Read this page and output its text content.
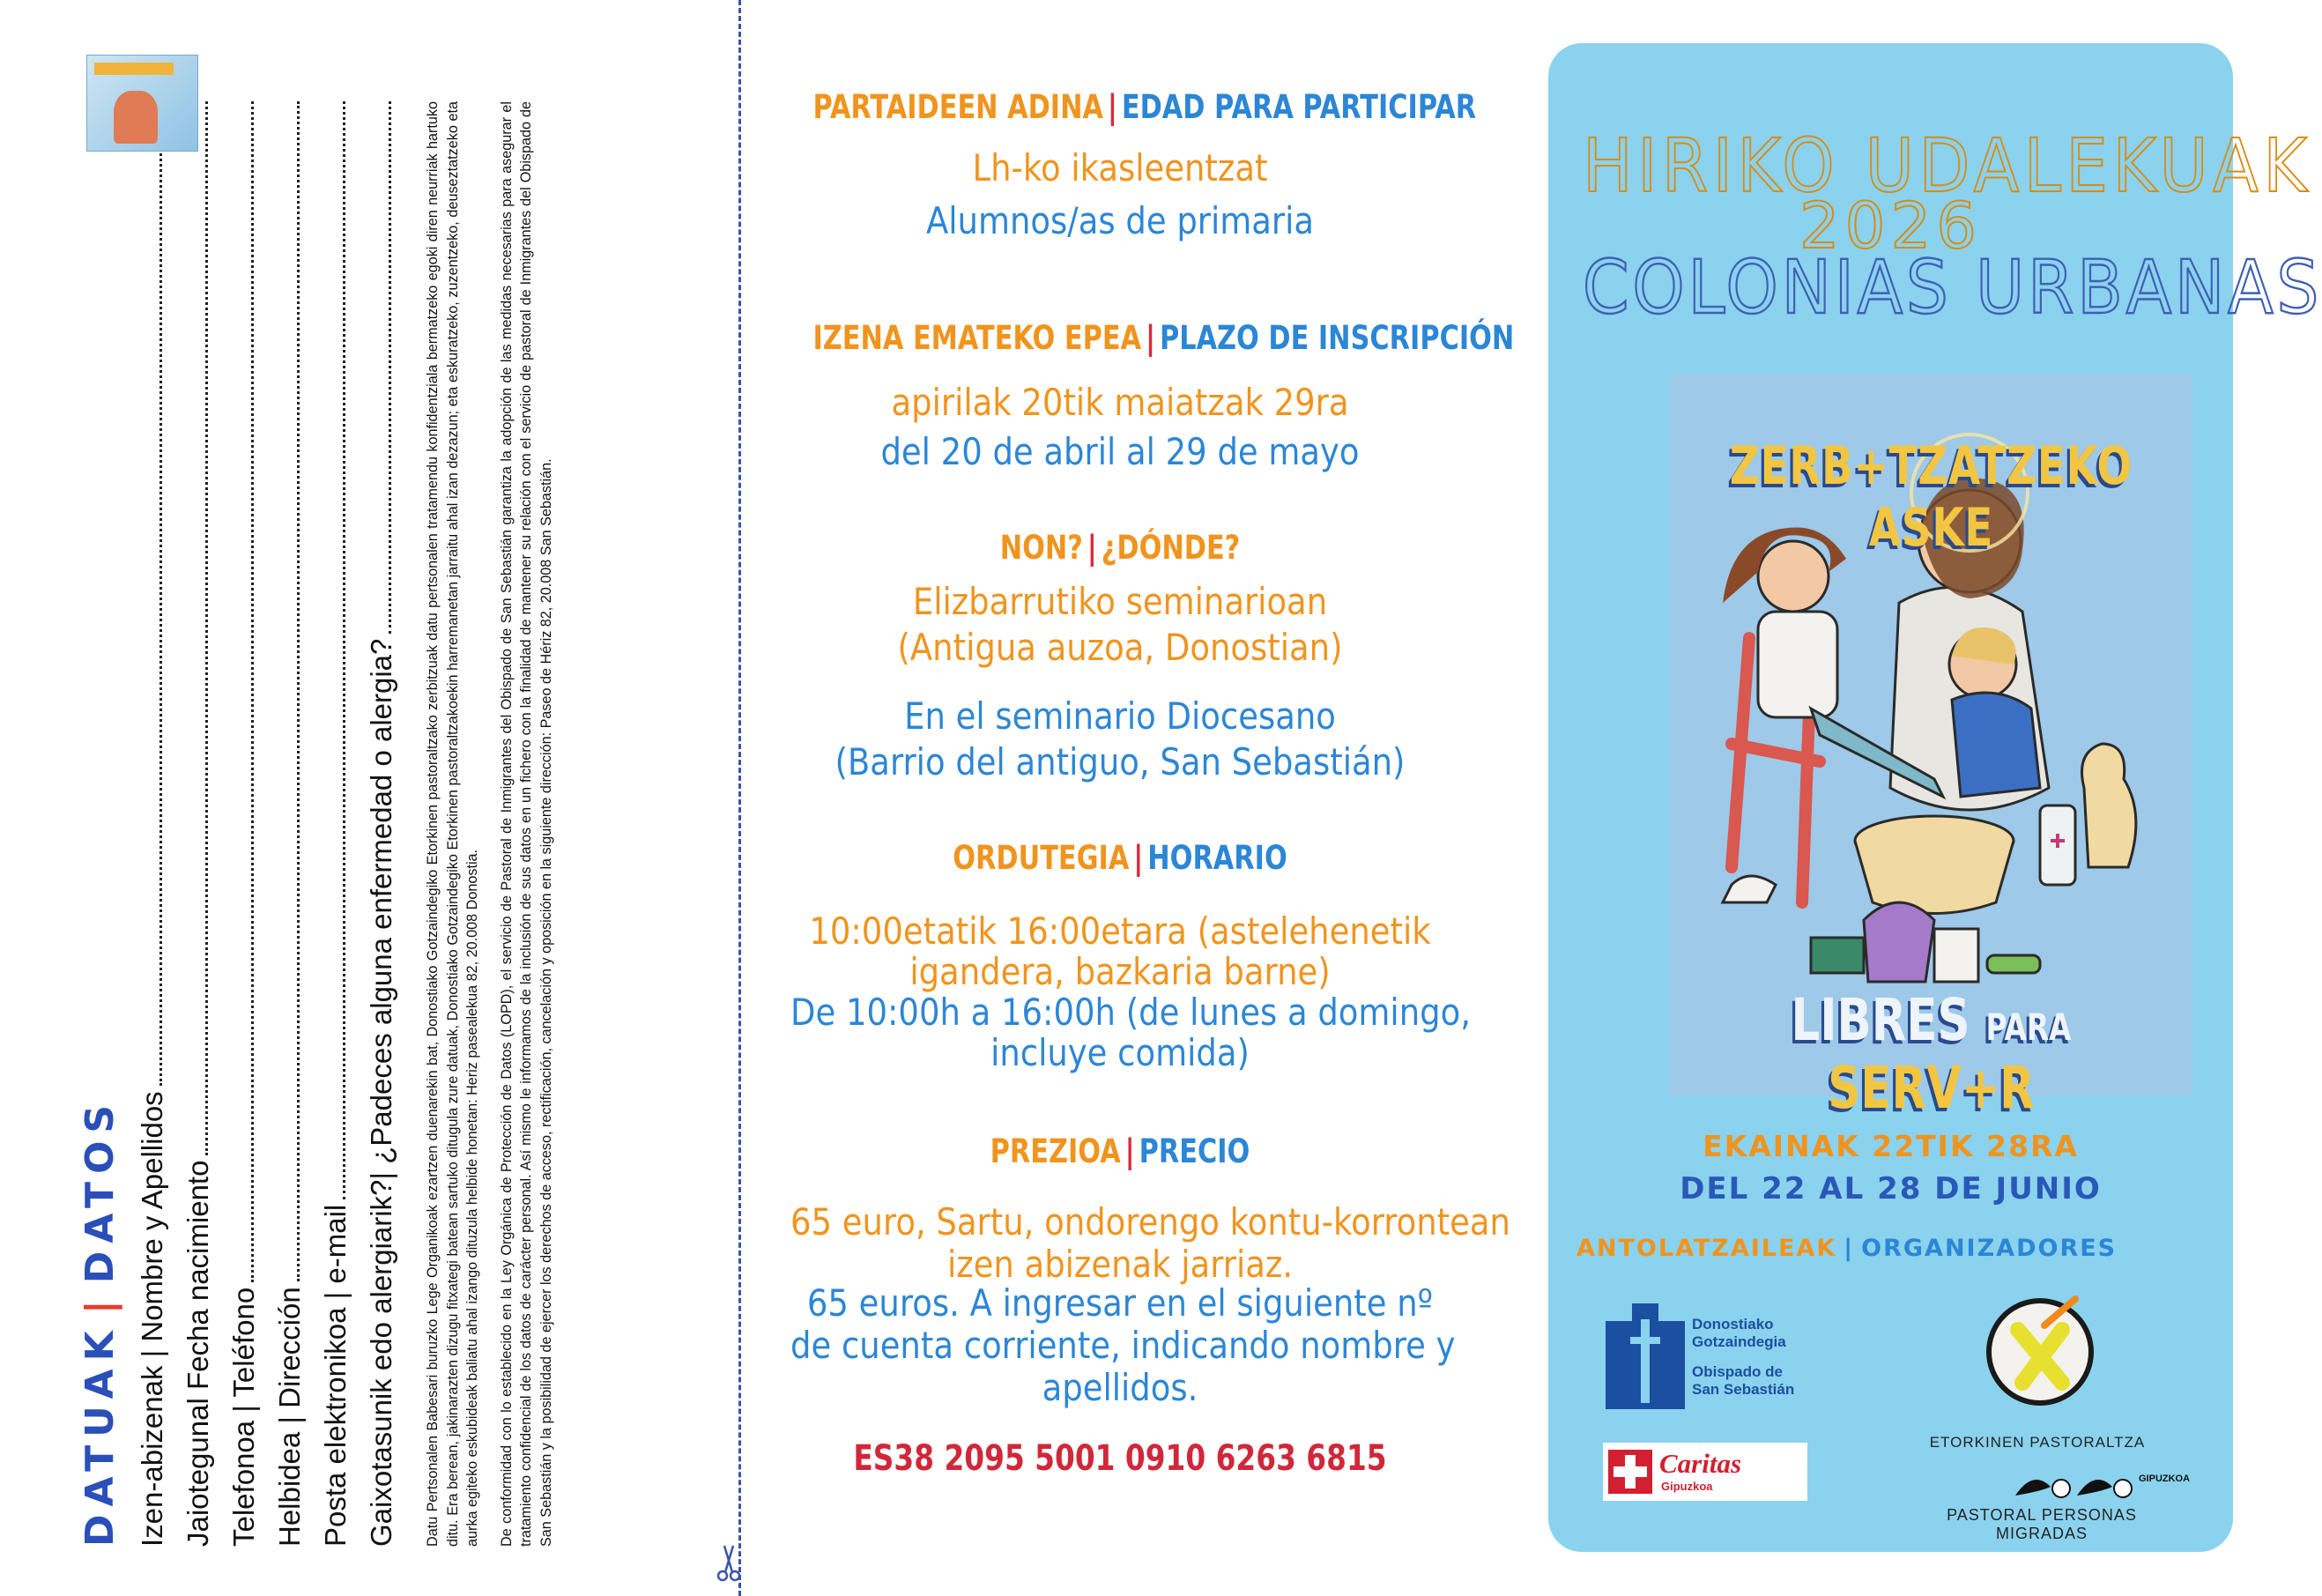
DATUAK|DATOS Izen-abizenak | Nombre y Apellidos Jaiotegunal Fecha nacimiento Telefonoa | Teléfono Helbidea | Dirección Posta elektronikoa | e-mail Gaixotasunik edo alergiarik?| ¿Padeces alguna enfermedad o alergia? Datu Pertsonalen Babesari buruzko Lege Organikoak ezartzen duenarekin bat, Donostiako Gotzaindegiko Etorkinen pastoraltzako zerbitzuak datu pertsonalen tratamendu konfidentziala bermatzeko egoki diren neurriak hartuko ditu. Era berean, jakinarazten dizugu fitxategi batean sartuko ditugula zure datuak, Donostiako Gotzaindegiko Etorkinen pastoraltzakoekin harremanetan jarraitu ahal izan dezazun; eta eskuratzeko, zuzentzeko, deuseztatzeko eta aurka egiteko eskubideak baliatu ahal izango dituzula helbide honetan: Heriz pasealekua 82, 20.008 Donostia. De conformidad con lo establecido en la Ley Orgánica de Protección de Datos (LOPD), el servicio de Pastoral de Inmigrantes del Obispado de San Sebastián garantiza la adopción de las medidas necesarias para asegurar el tratamiento confidencial de los datos de carácter personal. Así mismo le informamos de la inclusión de sus datos en un fichero con la finalidad de mantener su relación con el servicio de pastoral de Inmigrantes del Obispado de San Sebastián y la posibilidad de ejercer los derechos de acceso, rectificación, cancelación y oposición en la siguiente dirección: Paseo de Hériz 82, 20.008 San Sebastián.

PARTAIDEEN ADINA | EDAD PARA PARTICIPAR
Lh-ko ikasleentzat
Alumnos/as de primaria
IZENA EMATEKO EPEA | PLAZO DE INSCRIPCIÓN
apirilak 20tik maiatzak 29ra
del 20 de abril al 29 de mayo
NON? | ¿DÓNDE?
Elizbarrutiko seminarioan
(Antigua auzoa, Donostian)
En el seminario Diocesano
(Barrio del antiguo, San Sebastián)
ORDUTEGIA | HORARIO
10:00etatik 16:00etara (astelehenetik
igandera, bazkaria barne)
De 10:00h a 16:00h (de lunes a domingo,
incluye comida)
PREZIOA | PRECIO
65 euro, Sartu, ondorengo kontu-korrontean
izen abizenak jarriaz.
65 euros. A ingresar en el siguiente nº
de cuenta corriente, indicando nombre y
apellidos.
ES38 2095 5001 0910 6263 6815
HIRIKO UDALEKUAK
2026
COLONIAS URBANAS
ZERB+TZATZEKO ASKE
LIBRES PARA SERV+R
EKAINAK 22TIK 28RA
DEL 22 AL 28 DE JUNIO
ANTOLATZAILEAK | ORGANIZADORES
Donostiako
Gotzaindegia
Obispado de
San Sebastián
Caritas
Gipuzkoa
ETORKINEN PASTORALTZA
GIPUZKOA
PASTORAL PERSONAS MIGRADAS
